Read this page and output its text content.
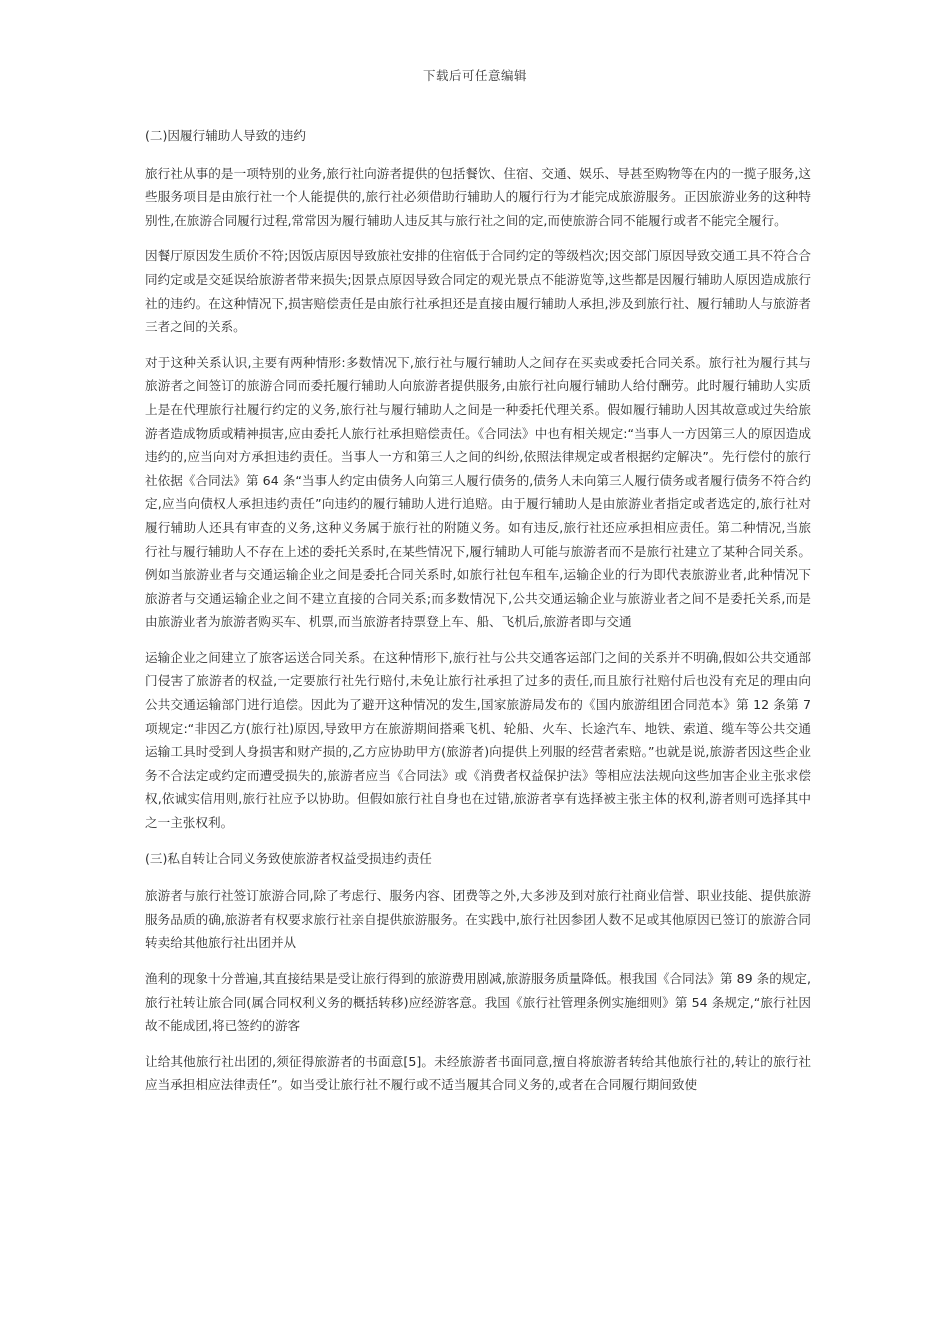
下载后可任意编辑
(二)因履行辅助人导致的违约

旅行社从事的是一项特别的业务,旅行社向游者提供的包括餐饮、住宿、交通、娱乐、导甚至购物等在内的一揽子服务,这些服务项目是由旅行社一个人能提供的,旅行社必须借助行辅助人的履行行为才能完成旅游服务。正因旅游业务的这种特别性,在旅游合同履行过程,常常因为履行辅助人违反其与旅行社之间的定,而使旅游合同不能履行或者不能完全履行。

因餐厅原因发生质价不符;因饭店原因导致旅社安排的住宿低于合同约定的等级档次;因交部门原因导致交通工具不符合合同约定或是交延误给旅游者带来损失;因景点原因导致合同定的观光景点不能游览等,这些都是因履行辅助人原因造成旅行社的违约。在这种情况下,损害赔偿责任是由旅行社承担还是直接由履行辅助人承担,涉及到旅行社、履行辅助人与旅游者三者之间的关系。

对于这种关系认识,主要有两种情形:多数情况下,旅行社与履行辅助人之间存在买卖或委托合同关系。旅行社为履行其与旅游者之间签订的旅游合同而委托履行辅助人向旅游者提供服务,由旅行社向履行辅助人给付酬劳。此时履行辅助人实质上是在代理旅行社履行约定的义务,旅行社与履行辅助人之间是一种委托代理关系。假如履行辅助人因其故意或过失给旅游者造成物质或精神损害,应由委托人旅行社承担赔偿责任。《合同法》中也有相关规定:“当事人一方因第三人的原因造成违约的,应当向对方承担违约责任。当事人一方和第三人之间的纠纷,依照法律规定或者根据约定解决”。先行偿付的旅行社依据《合同法》第 64 条“当事人约定由债务人向第三人履行债务的,债务人未向第三人履行债务或者履行债务不符合约定,应当向债权人承担违约责任”向违约的履行辅助人进行追赔。由于履行辅助人是由旅游业者指定或者选定的,旅行社对履行辅助人还具有审查的义务,这种义务属于旅行社的附随义务。如有违反,旅行社还应承担相应责任。第二种情况,当旅行社与履行辅助人不存在上述的委托关系时,在某些情况下,履行辅助人可能与旅游者而不是旅行社建立了某种合同关系。例如当旅游业者与交通运输企业之间是委托合同关系时,如旅行社包车租车,运输企业的行为即代表旅游业者,此种情况下旅游者与交通运输企业之间不建立直接的合同关系;而多数情况下,公共交通运输企业与旅游业者之间不是委托关系,而是由旅游业者为旅游者购买车、机票,而当旅游者持票登上车、船、飞机后,旅游者即与交通

运输企业之间建立了旅客运送合同关系。在这种情形下,旅行社与公共交通客运部门之间的关系并不明确,假如公共交通部门侵害了旅游者的权益,一定要旅行社先行赔付,未免让旅行社承担了过多的责任,而且旅行社赔付后也没有充足的理由向公共交通运输部门进行追偿。因此为了避开这种情况的发生,国家旅游局发布的《国内旅游组团合同范本》第 12 条第 7 项规定:“非因乙方(旅行社)原因,导致甲方在旅游期间搭乘飞机、轮船、火车、长途汽车、地铁、索道、缆车等公共交通运输工具时受到人身损害和财产损的,乙方应协助甲方(旅游者)向提供上列服的经营者索赔。”也就是说,旅游者因这些企业务不合法定或约定而遭受损失的,旅游者应当《合同法》或《消费者权益保护法》等相应法法规向这些加害企业主张求偿权,依诚实信用则,旅行社应予以协助。但假如旅行社自身也在过错,旅游者享有选择被主张主体的权利,游者则可选择其中之一主张权利。

(三)私自转让合同义务致使旅游者权益受损违约责任

旅游者与旅行社签订旅游合同,除了考虑行、服务内容、团费等之外,大多涉及到对旅行社商业信誉、职业技能、提供旅游服务品质的确,旅游者有权要求旅行社亲自提供旅游服务。在实践中,旅行社因参团人数不足或其他原因已签订的旅游合同转卖给其他旅行社出团并从

渔利的现象十分普遍,其直接结果是受让旅行得到的旅游费用剧减,旅游服务质量降低。根我国《合同法》第 89 条的规定,旅行社转让旅合同(属合同权利义务的概括转移)应经游客意。我国《旅行社管理条例实施细则》第 54 条规定,“旅行社因故不能成团,将已签约的游客

让给其他旅行社出团的,须征得旅游者的书面意[5]。未经旅游者书面同意,擅自将旅游者转给其他旅行社的,转让的旅行社应当承担相应法律责任”。如当受让旅行社不履行或不适当履其合同义务的,或者在合同履行期间致使
